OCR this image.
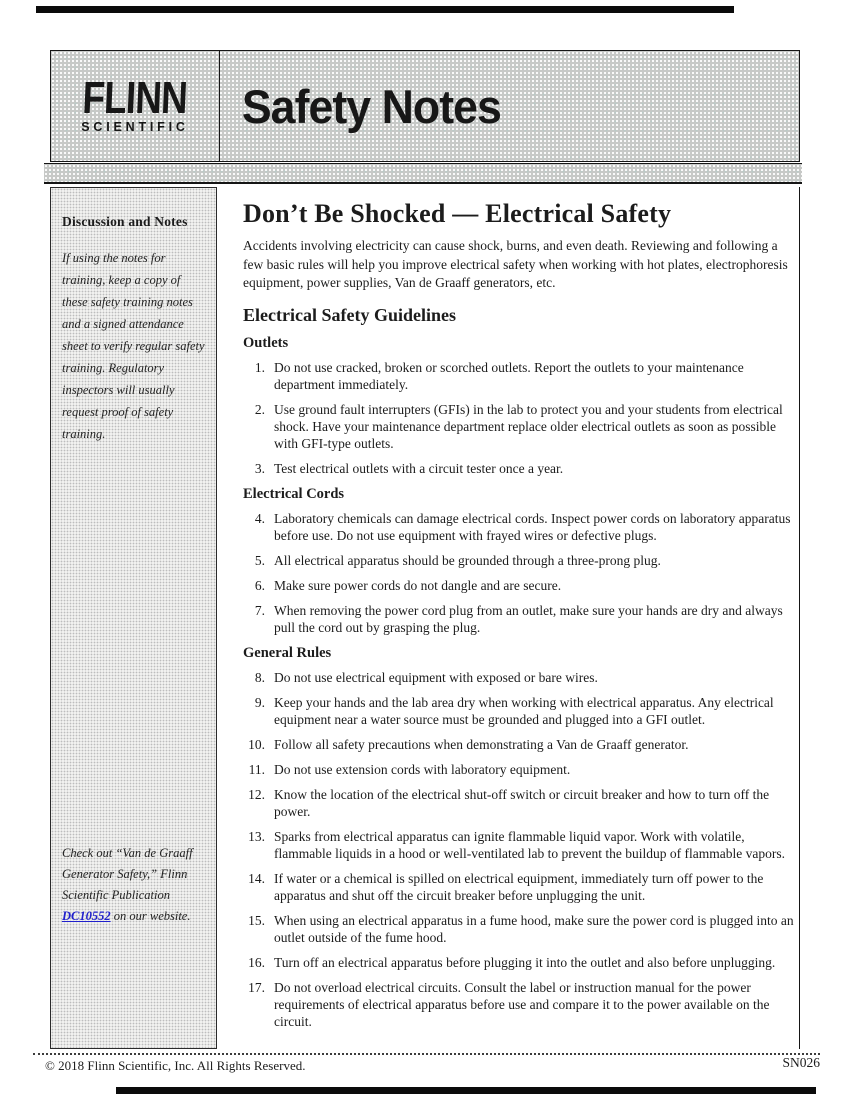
FLINN
SCIENTIFIC	Safety Notes
Discussion and Notes
If using the notes for training, keep a copy of these safety training notes and a signed attendance sheet to verify regular safety training. Regulatory inspectors will usually request proof of safety training.
Check out “Van de Graaff Generator Safety,” Flinn Scientific Publication DC10552 on our website.
Don’t Be Shocked — Electrical Safety
Accidents involving electricity can cause shock, burns, and even death. Reviewing and following a few basic rules will help you improve electrical safety when working with hot plates, electrophoresis equipment, power supplies, Van de Graaff generators, etc.
Electrical Safety Guidelines
Outlets
1. Do not use cracked, broken or scorched outlets. Report the outlets to your maintenance department immediately.
2. Use ground fault interrupters (GFIs) in the lab to protect you and your students from electrical shock. Have your maintenance department replace older electrical outlets as soon as possible with GFI-type outlets.
3. Test electrical outlets with a circuit tester once a year.
Electrical Cords
4. Laboratory chemicals can damage electrical cords. Inspect power cords on laboratory apparatus before use. Do not use equipment with frayed wires or defective plugs.
5. All electrical apparatus should be grounded through a three-prong plug.
6. Make sure power cords do not dangle and are secure.
7. When removing the power cord plug from an outlet, make sure your hands are dry and always pull the cord out by grasping the plug.
General Rules
8. Do not use electrical equipment with exposed or bare wires.
9. Keep your hands and the lab area dry when working with electrical apparatus. Any electrical equipment near a water source must be grounded and plugged into a GFI outlet.
10. Follow all safety precautions when demonstrating a Van de Graaff generator.
11. Do not use extension cords with laboratory equipment.
12. Know the location of the electrical shut-off switch or circuit breaker and how to turn off the power.
13. Sparks from electrical apparatus can ignite flammable liquid vapor. Work with volatile, flammable liquids in a hood or well-ventilated lab to prevent the buildup of flammable vapors.
14. If water or a chemical is spilled on electrical equipment, immediately turn off power to the apparatus and shut off the circuit breaker before unplugging the unit.
15. When using an electrical apparatus in a fume hood, make sure the power cord is plugged into an outlet outside of the fume hood.
16. Turn off an electrical apparatus before plugging it into the outlet and also before unplugging.
17. Do not overload electrical circuits. Consult the label or instruction manual for the power requirements of electrical apparatus before use and compare it to the power available on the circuit.
© 2018 Flinn Scientific, Inc. All Rights Reserved.	SN026
